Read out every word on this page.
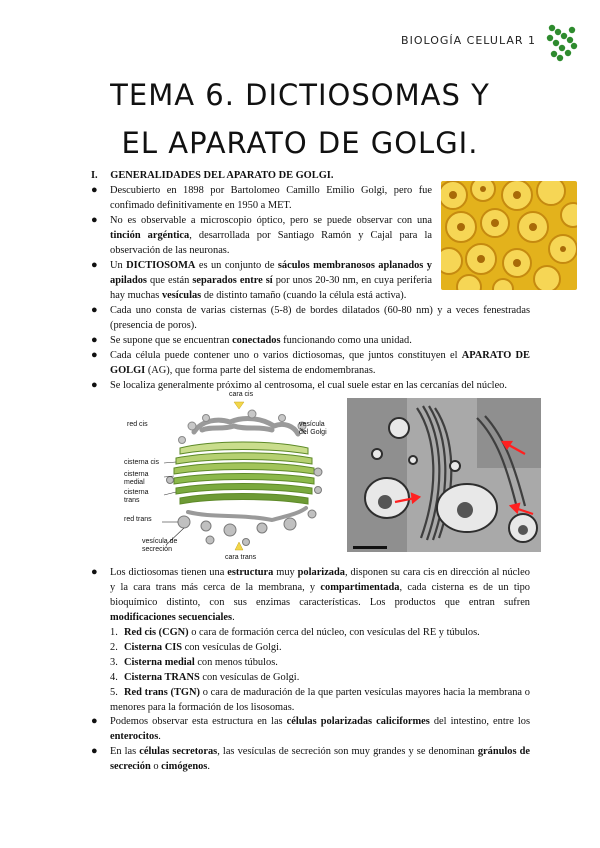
BIOLOGÍA CELULAR 1
TEMA 6. DICTIOSOMAS Y
EL APARATO DE GOLGI.
I. GENERALIDADES DEL APARATO DE GOLGI.
● Descubierto en 1898 por Bartolomeo Camillo Emilio Golgi, pero fue confimado definitivamente en 1950 a MET.
● No es observable a microscopio óptico, pero se puede observar con una tinción argéntica, desarrollada por Santiago Ramón y Cajal para la observación de las neuronas.
● Un DICTIOSOMA es un conjunto de sáculos membranosos aplanados y apilados que están separados entre sí por unos 20-30 nm, en cuya periferia hay muchas vesículas de distinto tamaño (cuando la célula está activa).
● Cada uno consta de varias cisternas (5-8) de bordes dilatados (60-80 nm) y a veces fenestradas (presencia de poros).
● Se supone que se encuentran conectados funcionando como una unidad.
● Cada célula puede contener uno o varios dictiosomas, que juntos constituyen el APARATO DE GOLGI (AG), que forma parte del sistema de endomembranas.
● Se localiza generalmente próximo al centrosoma, el cual suele estar en las cercanías del núcleo.
cara cis
red cis	vesícula del Golgi
cisterna cis
cisterna medial
cisterna trans
red trans
vesícula de secreción
cara trans
● Los dictiosomas tienen una estructura muy polarizada, disponen su cara cis en dirección al núcleo y la cara trans más cerca de la membrana, y compartimentada, cada cisterna es de un tipo bioquímico distinto, con sus enzimas características. Los productos que entran sufren modificaciones secuenciales.
1. Red cis (CGN) o cara de formación cerca del núcleo, con vesículas del RE y túbulos.
2. Cisterna CIS con vesículas de Golgi.
3. Cisterna medial con menos túbulos.
4. Cisterna TRANS con vesículas de Golgi.
5. Red trans (TGN) o cara de maduración de la que parten vesículas mayores hacia la membrana o menores para la formación de los lisosomas.
● Podemos observar esta estructura en las células polarizadas caliciformes del intestino, entre los enterocitos.
● En las células secretoras, las vesículas de secreción son muy grandes y se denominan gránulos de secreción o cimógenos.
